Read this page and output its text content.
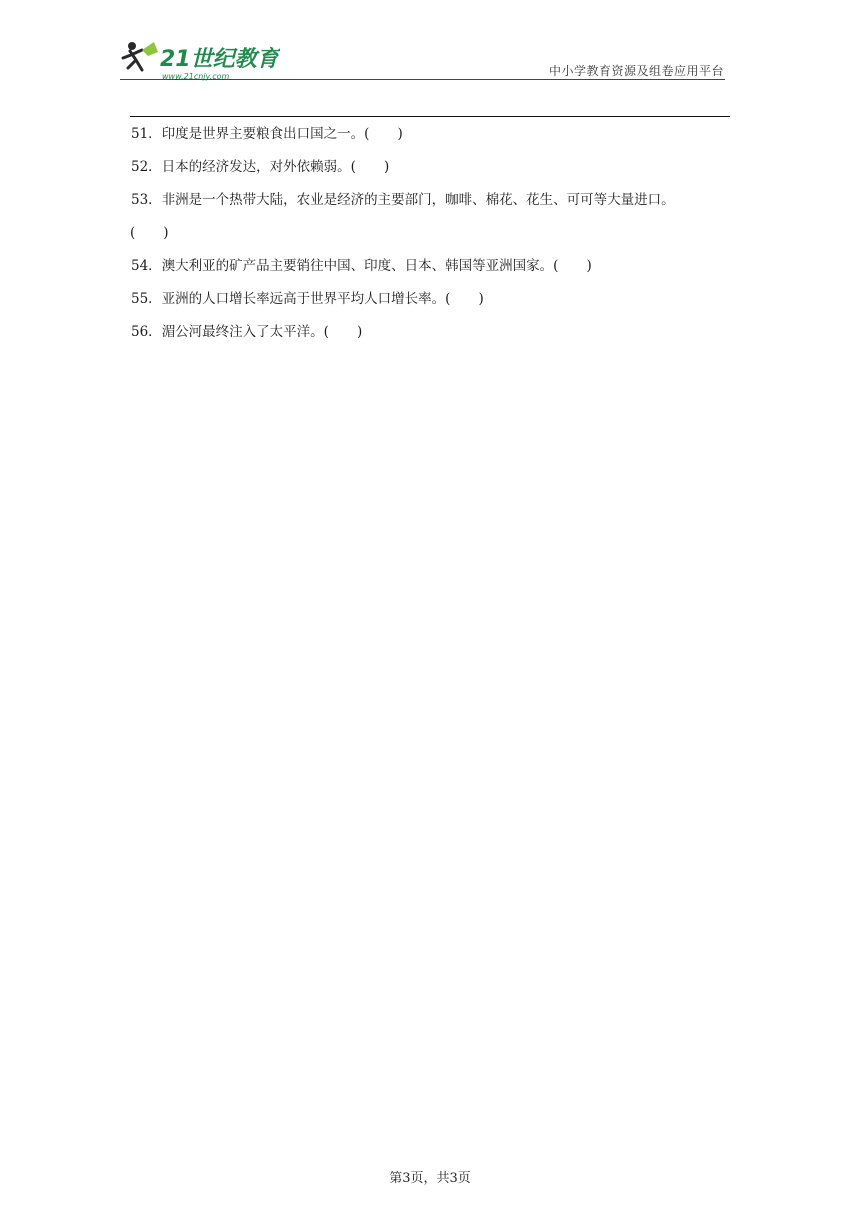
21世纪教育
www.21cnjy.com	中小学教育资源及组卷应用平台

51．印度是世界主要粮食出口国之一。( )

52．日本的经济发达，对外依赖弱。( )

53．非洲是一个热带大陆，农业是经济的主要部门，咖啡、棉花、花生、可可等大量进口。

( )

54．澳大利亚的矿产品主要销往中国、印度、日本、韩国等亚洲国家。( )

55．亚洲的人口增长率远高于世界平均人口增长率。( )

56．湄公河最终注入了太平洋。( )

第3页，共3页
